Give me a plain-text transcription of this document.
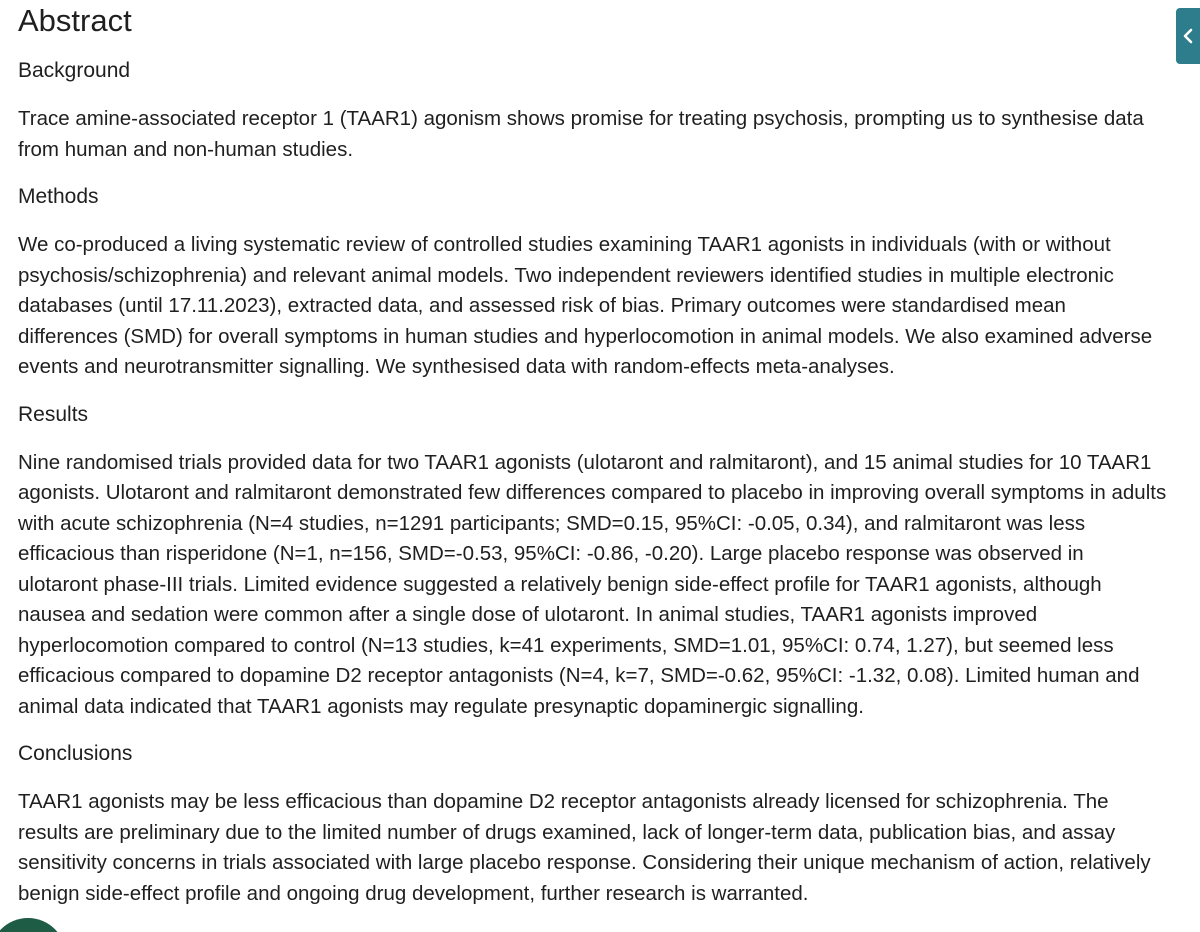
Abstract
Background

Trace amine-associated receptor 1 (TAAR1) agonism shows promise for treating psychosis, prompting us to synthesise data from human and non-human studies.

Methods

We co-produced a living systematic review of controlled studies examining TAAR1 agonists in individuals (with or without psychosis/schizophrenia) and relevant animal models. Two independent reviewers identified studies in multiple electronic databases (until 17.11.2023), extracted data, and assessed risk of bias. Primary outcomes were standardised mean differences (SMD) for overall symptoms in human studies and hyperlocomotion in animal models. We also examined adverse events and neurotransmitter signalling. We synthesised data with random-effects meta-analyses.

Results

Nine randomised trials provided data for two TAAR1 agonists (ulotaront and ralmitaront), and 15 animal studies for 10 TAAR1 agonists. Ulotaront and ralmitaront demonstrated few differences compared to placebo in improving overall symptoms in adults with acute schizophrenia (N=4 studies, n=1291 participants; SMD=0.15, 95%CI: -0.05, 0.34), and ralmitaront was less efficacious than risperidone (N=1, n=156, SMD=-0.53, 95%CI: -0.86, -0.20). Large placebo response was observed in ulotaront phase-III trials. Limited evidence suggested a relatively benign side-effect profile for TAAR1 agonists, although nausea and sedation were common after a single dose of ulotaront. In animal studies, TAAR1 agonists improved hyperlocomotion compared to control (N=13 studies, k=41 experiments, SMD=1.01, 95%CI: 0.74, 1.27), but seemed less efficacious compared to dopamine D2 receptor antagonists (N=4, k=7, SMD=-0.62, 95%CI: -1.32, 0.08). Limited human and animal data indicated that TAAR1 agonists may regulate presynaptic dopaminergic signalling.

Conclusions

TAAR1 agonists may be less efficacious than dopamine D2 receptor antagonists already licensed for schizophrenia. The results are preliminary due to the limited number of drugs examined, lack of longer-term data, publication bias, and assay sensitivity concerns in trials associated with large placebo response. Considering their unique mechanism of action, relatively benign side-effect profile and ongoing drug development, further research is warranted.
